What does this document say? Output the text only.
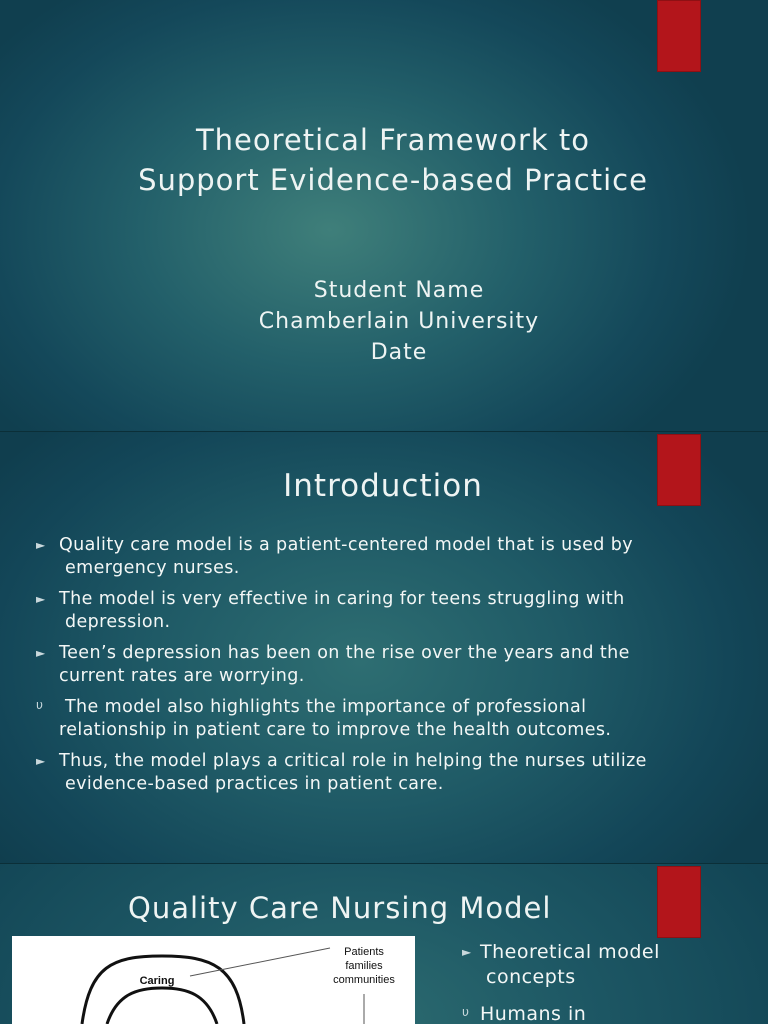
Theoretical Framework to
Support Evidence-based Practice
Student Name
Chamberlain University
Date
Introduction
► Quality care model is a patient-centered model that is used by
emergency nurses.
► The model is very effective in caring for teens struggling with
depression.
► Teen’s depression has been on the rise over the years and the
current rates are worrying.
υ The model also highlights the importance of professional
relationship in patient care to improve the health outcomes.
► Thus, the model plays a critical role in helping the nurses utilize
evidence-based practices in patient care.
Quality Care Nursing Model
Caring
Patients
families
communities
► Theoretical model
concepts
υ Humans in
